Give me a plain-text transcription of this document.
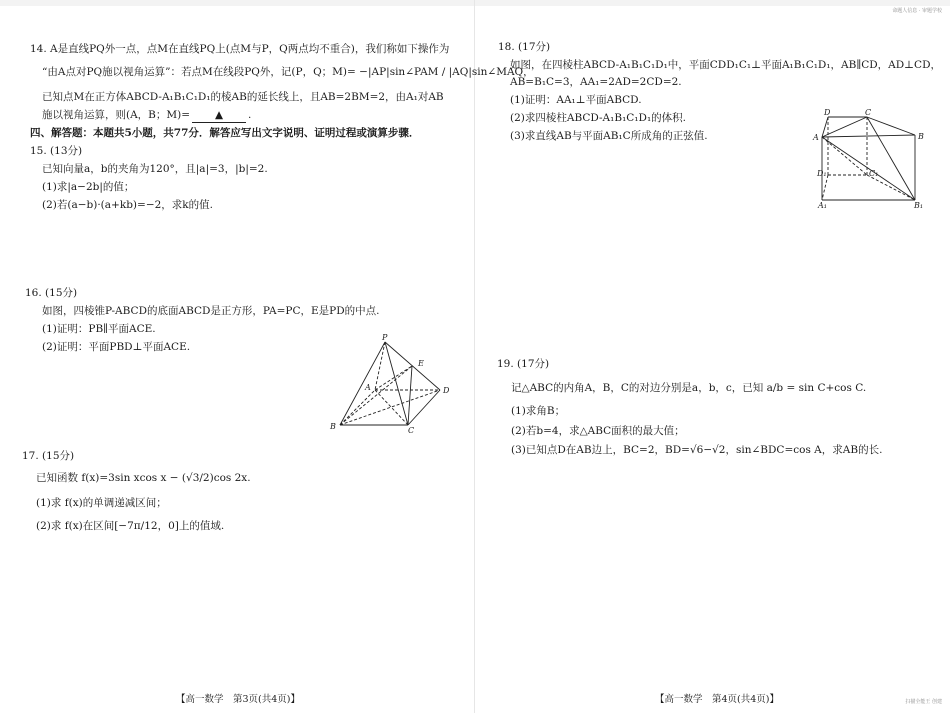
命题人信息 · 审题学校
14. A是直线PQ外一点，点M在直线PQ上(点M与P，Q两点均不重合)，我们称如下操作为
“由A点对PQ施以视角运算”：若点M在线段PQ外，记(P，Q；M)= −|AP|sin∠PAM / |AQ|sin∠MAQ，
已知点M在正方体ABCD-A₁B₁C₁D₁的棱AB的延长线上，且AB=2BM=2，由A₁对AB
施以视角运算，则(A，B；M)= ▲ .
四、解答题：本题共5小题，共77分．解答应写出文字说明、证明过程或演算步骤．
15. (13分)
已知向量a，b的夹角为120°，且|a|=3，|b|=2.
(1)求|a−2b|的值；
(2)若(a−b)·(a+kb)=−2，求k的值.
16. (15分)
如图，四棱锥P-ABCD的底面ABCD是正方形，PA=PC，E是PD的中点.
(1)证明：PB∥平面ACE.
(2)证明：平面PBD⊥平面ACE.
P
E
A	D
B	C
17. (15分)
已知函数 f(x)=3sin xcos x − (√3/2)cos 2x.
(1)求 f(x)的单调递减区间；
(2)求 f(x)在区间[−7π/12，0]上的值域.
【高一数学　第3页(共4页)】
18. (17分)
如图，在四棱柱ABCD-A₁B₁C₁D₁中，平面CDD₁C₁⊥平面A₁B₁C₁D₁，AB∥CD，AD⊥CD，
AB=B₁C=3，AA₁=2AD=2CD=2.
(1)证明：AA₁⊥平面ABCD.
(2)求四棱柱ABCD-A₁B₁C₁D₁的体积.
(3)求直线AB与平面AB₁C所成角的正弦值.
D	C
A	B
D₁	C₁
A₁	B₁
19. (17分)
记△ABC的内角A，B，C的对边分别是a，b，c，已知 a/b = sin C+cos C.
(1)求角B；
(2)若b=4，求△ABC面积的最大值；
(3)已知点D在AB边上，BC=2，BD=√6−√2，sin∠BDC=cos A，求AB的长.
【高一数学　第4页(共4页)】	扫描全能王 创建
